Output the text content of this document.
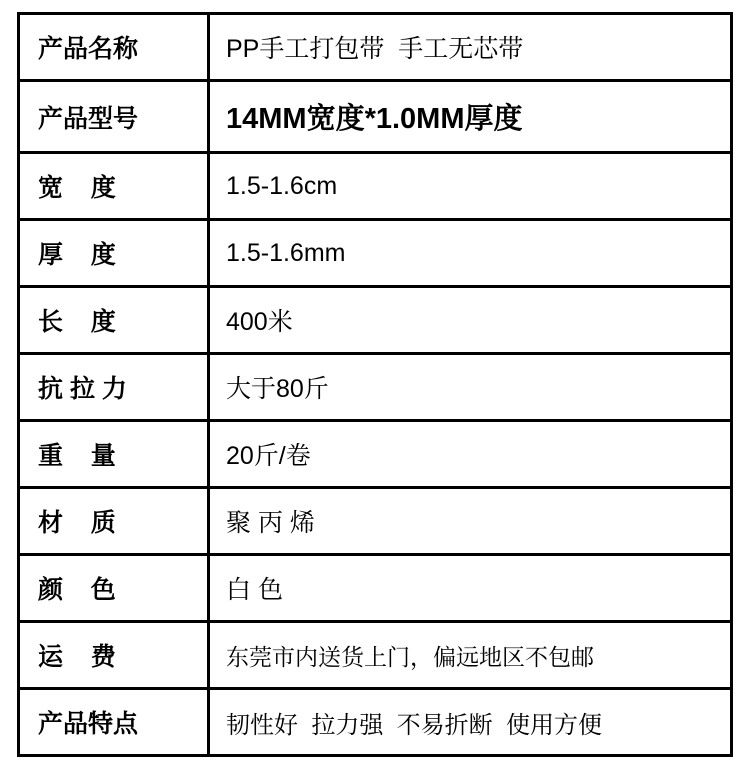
产品名称	PP手工打包带  手工无芯带
产品型号	14MM宽度*1.0MM厚度
宽    度	1.5-1.6cm
厚    度	1.5-1.6mm
长    度	400米
抗 拉 力	大于80斤
重    量	20斤/卷
材    质	聚 丙 烯
颜    色	白 色
运    费	东莞市内送货上门，偏远地区不包邮
产品特点	韧性好  拉力强  不易折断  使用方便
